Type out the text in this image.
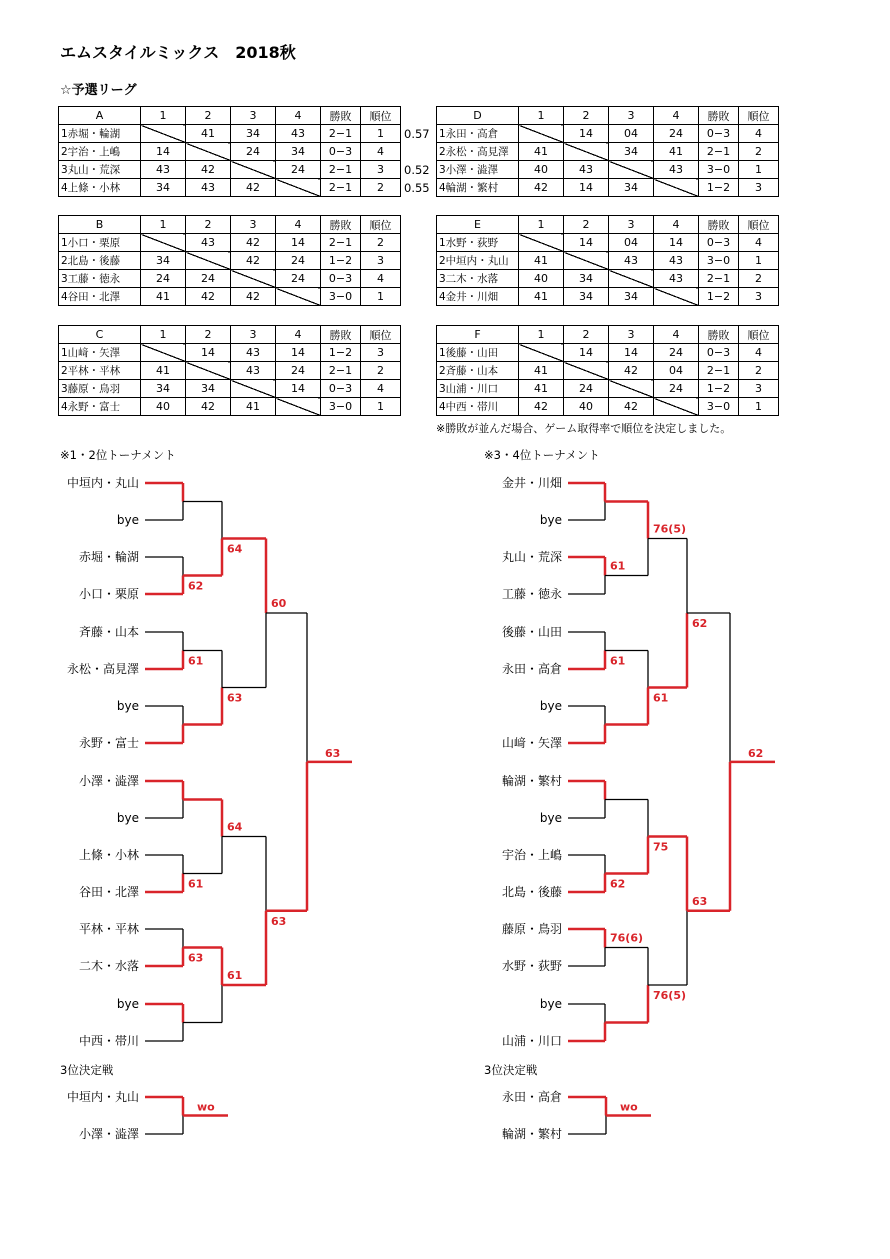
エムスタイルミックス　2018秋
☆予選リーグ
0.57
0.52
0.55
A	1	2	3	4	勝敗	順位
1赤堀・輪湖		41	34	43	2−1	1
2宇治・上嶋	14		24	34	0−3	4
3丸山・荒深	43	42		24	2−1	3
4上條・小林	34	43	42		2−1	2
D	1	2	3	4	勝敗	順位
1永田・高倉		14	04	24	0−3	4
2永松・高見澤	41		34	41	2−1	2
3小澤・澁澤	40	43		43	3−0	1
4輪湖・繁村	42	14	34		1−2	3
B	1	2	3	4	勝敗	順位
1小口・栗原		43	42	14	2−1	2
2北島・後藤	34		42	24	1−2	3
3工藤・徳永	24	24		24	0−3	4
4谷田・北澤	41	42	42		3−0	1
E	1	2	3	4	勝敗	順位
1水野・荻野		14	04	14	0−3	4
2中垣内・丸山	41		43	43	3−0	1
3二木・水落	40	34		43	2−1	2
4金井・川畑	41	34	34		1−2	3
C	1	2	3	4	勝敗	順位
1山﨑・矢澤		14	43	14	1−2	3
2平林・平林	41		43	24	2−1	2
3藤原・鳥羽	34	34		14	0−3	4
4永野・富士	40	42	41		3−0	1
F	1	2	3	4	勝敗	順位
1後藤・山田		14	14	24	0−3	4
2斉藤・山本	41		42	04	2−1	2
3山浦・川口	41	24		24	1−2	3
4中西・帯川	42	40	42		3−0	1
※勝敗が並んだ場合、ゲーム取得率で順位を決定しました。
※1・2位トーナメント	※3・4位トーナメント
3位決定戦	3位決定戦
中垣内・丸山
bye
赤堀・輪湖
小口・栗原
斉藤・山本
永松・高見澤
bye
永野・富士
小澤・澁澤
bye
上條・小林
谷田・北澤
平林・平林
二木・水落
bye
中西・帯川
62
61
61
63
64
63
64
61
60
63
63
金井・川畑
bye
丸山・荒深
工藤・徳永
後藤・山田
永田・高倉
bye
山﨑・矢澤
輪湖・繁村
bye
宇治・上嶋
北島・後藤
藤原・鳥羽
水野・荻野
bye
山浦・川口
61
61
62
76(6)
76(5)
61
75
76(5)
62
63
62
中垣内・丸山
小澤・澁澤
wo
永田・高倉
輪湖・繁村
wo
